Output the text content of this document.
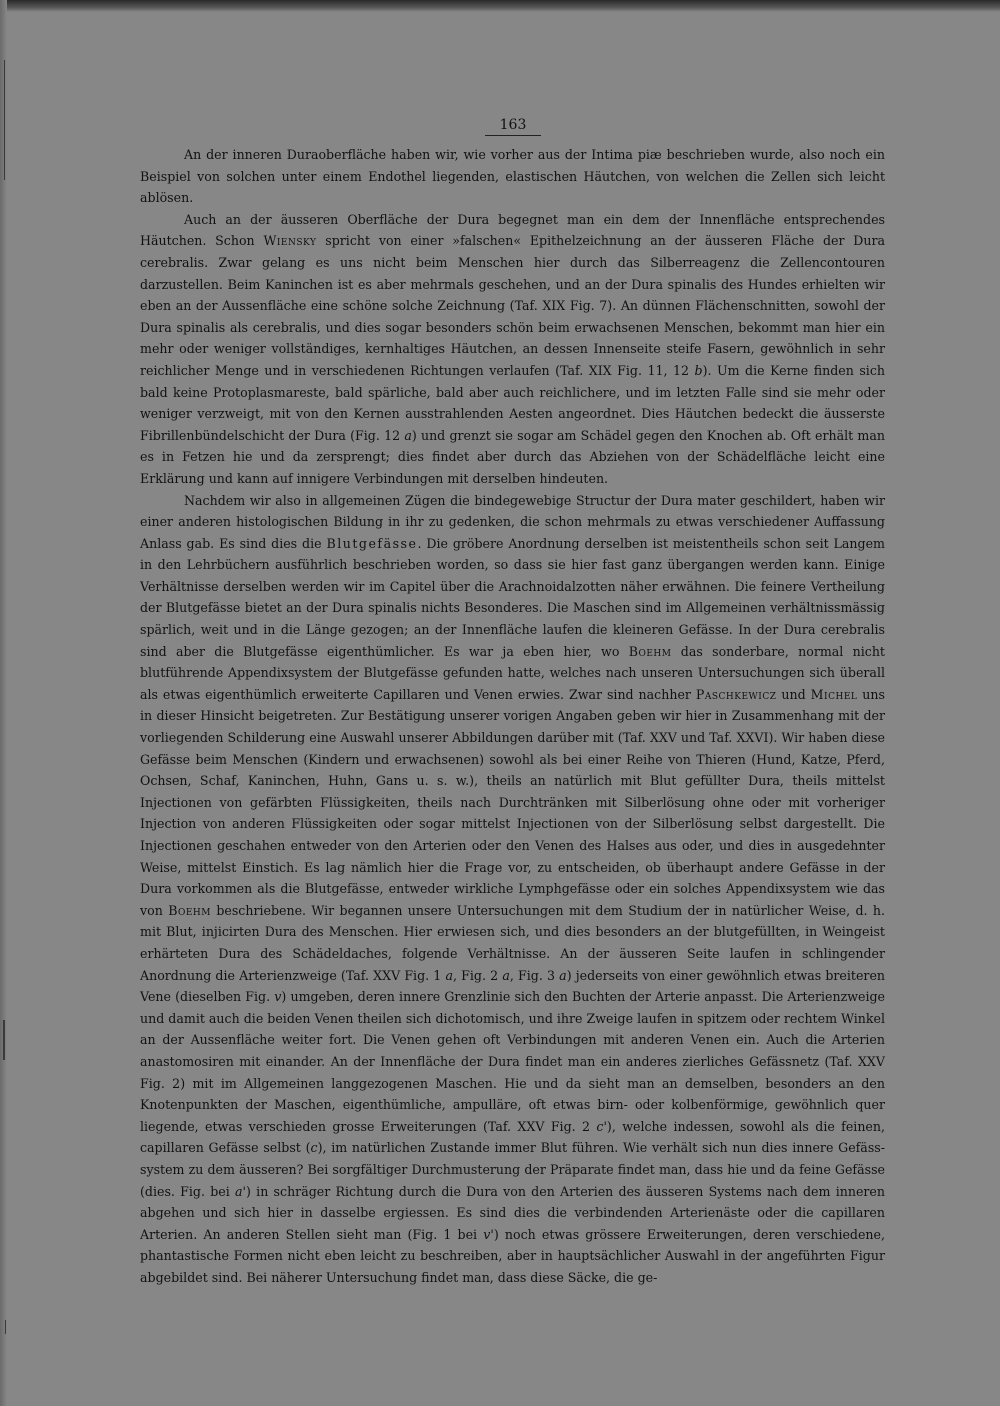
163

An der inneren Duraoberfläche haben wir, wie vorher aus der Intima piæ beschrieben wurde, also noch ein Beispiel von solchen unter einem Endothel liegenden, elastischen Häutchen, von welchen die Zellen sich leicht ablösen.

Auch an der äusseren Oberfläche der Dura begegnet man ein dem der Innenfläche entsprechendes Häutchen. Schon Wiensky spricht von einer »falschen« Epithelzeichnung an der äusseren Fläche der Dura cerebralis. Zwar gelang es uns nicht beim Menschen hier durch das Silberreagenz die Zellencontouren darzustellen. Beim Kaninchen ist es aber mehrmals geschehen, und an der Dura spinalis des Hundes erhielten wir eben an der Aussenfläche eine schöne solche Zeichnung (Taf. XIX Fig. 7). An dünnen Flächenschnitten, sowohl der Dura spinalis als cerebralis, und dies sogar besonders schön beim erwachsenen Menschen, bekommt man hier ein mehr oder weniger vollständiges, kernhaltiges Häutchen, an dessen Innenseite steife Fasern, gewöhnlich in sehr reichlicher Menge und in verschiedenen Richtungen verlaufen (Taf. XIX Fig. 11, 12 b). Um die Kerne finden sich bald keine Protoplasmareste, bald spärliche, bald aber auch reichlichere, und im letzten Falle sind sie mehr oder weniger verzweigt, mit von den Kernen ausstrahlenden Aesten angeordnet. Dies Häutchen bedeckt die äusserste Fibrillenbündelschicht der Dura (Fig. 12 a) und grenzt sie sogar am Schädel gegen den Knochen ab. Oft erhält man es in Fetzen hie und da zersprengt; dies findet aber durch das Abziehen von der Schädelfläche leicht eine Erklärung und kann auf innigere Verbindungen mit derselben hindeuten.

Nachdem wir also in allgemeinen Zügen die bindegewebige Structur der Dura mater geschildert, haben wir einer anderen histologischen Bildung in ihr zu gedenken, die schon mehrmals zu etwas verschiedener Auffassung Anlass gab. Es sind dies die Blutgefässe. Die gröbere Anordnung derselben ist meistentheils schon seit Langem in den Lehrbüchern ausführlich beschrieben worden, so dass sie hier fast ganz übergangen werden kann. Einige Verhältnisse derselben werden wir im Capitel über die Arachnoidalzotten näher erwähnen. Die feinere Vertheilung der Blutgefässe bietet an der Dura spinalis nichts Besonderes. Die Maschen sind im Allgemeinen verhältnissmässig spärlich, weit und in die Länge gezogen; an der Innenfläche laufen die kleineren Gefässe. In der Dura cerebralis sind aber die Blutgefässe eigenthümlicher. Es war ja eben hier, wo Boehm das sonderbare, normal nicht blutführende Appendixsystem der Blutgefässe gefunden hatte, welches nach unseren Untersuchungen sich überall als etwas eigenthümlich erweiterte Capillaren und Venen erwies. Zwar sind nachher Paschkewicz und Michel uns in dieser Hinsicht beigetreten. Zur Bestätigung unserer vorigen Angaben geben wir hier in Zusammenhang mit der vorliegenden Schilderung eine Auswahl unserer Abbildungen darüber mit (Taf. XXV und Taf. XXVI). Wir haben diese Gefässe beim Menschen (Kindern und erwachsenen) sowohl als bei einer Reihe von Thieren (Hund, Katze, Pferd, Ochsen, Schaf, Kaninchen, Huhn, Gans u. s. w.), theils an natürlich mit Blut gefüllter Dura, theils mittelst Injectionen von gefärbten Flüssigkeiten, theils nach Durchtränken mit Silberlösung ohne oder mit vorheriger Injection von anderen Flüssigkeiten oder sogar mittelst Injectionen von der Silberlösung selbst dargestellt. Die Injectionen geschahen entweder von den Arterien oder den Venen des Halses aus oder, und dies in ausgedehnter Weise, mittelst Einstich. Es lag nämlich hier die Frage vor, zu entscheiden, ob überhaupt andere Gefässe in der Dura vorkommen als die Blutgefässe, entweder wirkliche Lymphgefässe oder ein solches Appendixsystem wie das von Boehm beschriebene. Wir begannen unsere Untersuchungen mit dem Studium der in natürlicher Weise, d. h. mit Blut, injicirten Dura des Menschen. Hier erwiesen sich, und dies besonders an der blutgefüllten, in Weingeist erhärteten Dura des Schädeldaches, folgende Verhältnisse. An der äusseren Seite laufen in schlingender Anordnung die Arterienzweige (Taf. XXV Fig. 1 a, Fig. 2 a, Fig. 3 a) jederseits von einer gewöhnlich etwas breiteren Vene (dieselben Fig. v) umgeben, deren innere Grenzlinie sich den Buchten der Arterie anpasst. Die Arterienzweige und damit auch die beiden Venen theilen sich dichotomisch, und ihre Zweige laufen in spitzem oder rechtem Winkel an der Aussenfläche weiter fort. Die Venen gehen oft Verbindungen mit anderen Venen ein. Auch die Arterien anastomosiren mit einander. An der Innenfläche der Dura findet man ein anderes zierliches Gefässnetz (Taf. XXV Fig. 2) mit im Allgemeinen langgezogenen Maschen. Hie und da sieht man an demselben, besonders an den Knotenpunkten der Maschen, eigenthümliche, ampulläre, oft etwas birn- oder kolbenförmige, gewöhnlich quer liegende, etwas verschieden grosse Erweiterungen (Taf. XXV Fig. 2 c'), welche indessen, sowohl als die feinen, capillaren Gefässe selbst (c), im natürlichen Zustande immer Blut führen. Wie verhält sich nun dies innere Gefäss-system zu dem äusseren? Bei sorgfältiger Durchmusterung der Präparate findet man, dass hie und da feine Gefässe (dies. Fig. bei a') in schräger Richtung durch die Dura von den Arterien des äusseren Systems nach dem inneren abgehen und sich hier in dasselbe ergiessen. Es sind dies die verbindenden Arterienäste oder die capillaren Arterien. An anderen Stellen sieht man (Fig. 1 bei v') noch etwas grössere Erweiterungen, deren verschiedene, phantastische Formen nicht eben leicht zu beschreiben, aber in hauptsächlicher Auswahl in der angeführten Figur abgebildet sind. Bei näherer Untersuchung findet man, dass diese Säcke, die ge-
